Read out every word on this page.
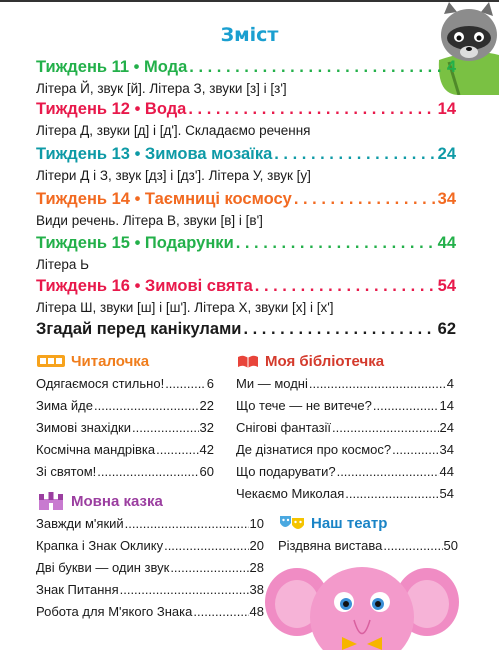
Зміст
Тиждень 11 • Мода . . .	4
Літера Й, звук [й]. Літера З, звуки [з] і [з']
Тиждень 12 • Вода . . .	14
Літера Д, звуки [д] і [д']. Складаємо речення
Тиждень 13 • Зимова мозаїка . . .	24
Літери Д і З, звук [дз] і [дз']. Літера У, звук [у]
Тиждень 14 • Таємниці космосу . . .	34
Види речень. Літера В, звуки [в] і [в']
Тиждень 15 • Подарунки . . .	44
Літера Ь
Тиждень 16 • Зимові свята . . .	54
Літера Ш, звуки [ш] і [ш']. Літера Х, звуки [х] і [х']
Згадай перед канікулами . . .	62
Читалочка
Одягаємося стильно! .....	6
Зима йде .....	22
Зимові знахідки .....	32
Космічна мандрівка .....	42
Зі святом! .....	60
Моя бібліотечка
Ми — модні .....	4
Що тече — не витече? .....	14
Снігові фантазії .....	24
Де дізнатися про космос? .....	34
Що подарувати? .....	44
Чекаємо Миколая .....	54
Мовна казка
Завжди м'який .....	10
Крапка і Знак Оклику .....	20
Дві букви — один звук .....	28
Знак Питання .....	38
Робота для М'якого Знака .....	48
Наш театр
Різдвяна вистава .....	50
